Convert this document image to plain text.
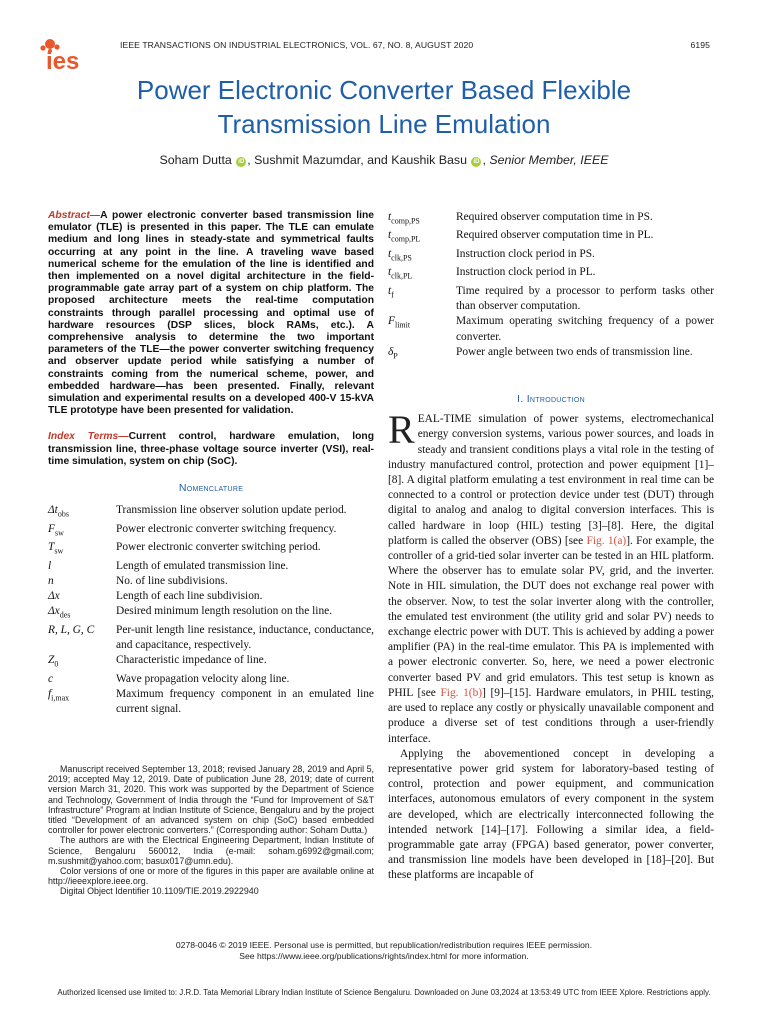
ies
IEEE TRANSACTIONS ON INDUSTRIAL ELECTRONICS, VOL. 67, NO. 8, AUGUST 2020	6195
Power Electronic Converter Based Flexible
Transmission Line Emulation
Soham Dutta iD , Sushmit Mazumdar, and Kaushik Basu iD , Senior Member, IEEE
Abstract—A power electronic converter based transmission line emulator (TLE) is presented in this paper. The TLE can emulate medium and long lines in steady-state and symmetrical faults occurring at any point in the line. A traveling wave based numerical scheme for the emulation of the line is identified and then implemented on a novel digital architecture in the field-programmable gate array part of a system on chip platform. The proposed architecture meets the real-time computation constraints through parallel processing and optimal use of hardware resources (DSP slices, block RAMs, etc.). A comprehensive analysis to determine the two important parameters of the TLE—the power converter switching frequency and observer update period while satisfying a number of constraints coming from the numerical scheme, power, and embedded hardware—has been presented. Finally, relevant simulation and experimental results on a developed 400-V 15-kVA TLE prototype have been presented for validation.
Index Terms—Current control, hardware emulation, long transmission line, three-phase voltage source inverter (VSI), real-time simulation, system on chip (SoC).
Nomenclature
$\Delta t_{obs}$	Transmission line observer solution update period.
$F_{sw}$	Power electronic converter switching frequency.
$T_{sw}$	Power electronic converter switching period.
l	Length of emulated transmission line.
n	No. of line subdivisions.
Δx	Length of each line subdivision.
$\Delta x_{des}$	Desired minimum length resolution on the line.
R, L, G, C	Per-unit length line resistance, inductance, conductance, and capacitance, respectively.
$Z_0$	Characteristic impedance of line.
c	Wave propagation velocity along line.
$f_{i,max}$	Maximum frequency component in an emulated line current signal.

Manuscript received September 13, 2018; revised January 28, 2019 and April 5, 2019; accepted May 12, 2019. Date of publication June 28, 2019; date of current version March 31, 2020. This work was supported by the Department of Science and Technology, Government of India through the “Fund for Improvement of S&T Infrastructure” Program at Indian Institute of Science, Bengaluru and by the project titled “Development of an advanced system on chip (SoC) based embedded controller for power electronic converters.” (Corresponding author: Soham Dutta.)

The authors are with the Electrical Engineering Department, Indian Institute of Science, Bengaluru 560012, India (e-mail: soham.g6992@gmail.com; m.sushmit@yahoo.com; basux017@umn.edu).

Color versions of one or more of the figures in this paper are available online at http://ieeexplore.ieee.org.

Digital Object Identifier 10.1109/TIE.2019.2922940

$t_{comp,PS}$	Required observer computation time in PS.
$t_{comp,PL}$	Required observer computation time in PL.
$t_{clk,PS}$	Instruction clock period in PS.
$t_{clk,PL}$	Instruction clock period in PL.
$t_f$	Time required by a processor to perform tasks other than observer computation.
$F_{limit}$	Maximum operating switching frequency of a power converter.
$\delta_P$	Power angle between two ends of transmission line.
I. Introduction

REAL-TIME simulation of power systems, electromechanical energy conversion systems, various power sources, and loads in steady and transient conditions plays a vital role in the testing of industry manufactured control, protection and power equipment [1]–[8]. A digital platform emulating a test environment in real time can be connected to a control or protection device under test (DUT) through digital to analog and analog to digital conversion interfaces. This is called hardware in loop (HIL) testing [3]–[8]. Here, the digital platform is called the observer (OBS) [see Fig. 1(a)]. For example, the controller of a grid-tied solar inverter can be tested in an HIL platform. Where the observer has to emulate solar PV, grid, and the inverter. Note in HIL simulation, the DUT does not exchange real power with the observer. Now, to test the solar inverter along with the controller, the emulated test environment (the utility grid and solar PV) needs to exchange electric power with DUT. This is achieved by adding a power amplifier (PA) in the real-time emulator. This PA is implemented with a power electronic converter. So, here, we need a power electronic converter based PV and grid emulators. This test setup is known as PHIL [see Fig. 1(b)] [9]–[15]. Hardware emulators, in PHIL testing, are used to replace any costly or physically unavailable component and produce a diverse set of test conditions through a user-friendly interface.

Applying the abovementioned concept in developing a representative power grid system for laboratory-based testing of control, protection and power equipment, and communication interfaces, autonomous emulators of every component in the system are developed, which are electrically interconnected following the intended network [14]–[17]. Following a similar idea, a field-programmable gate array (FPGA) based generator, power converter, and transmission line models have been developed in [18]–[20]. But these platforms are incapable of

0278-0046 © 2019 IEEE. Personal use is permitted, but republication/redistribution requires IEEE permission.
See https://www.ieee.org/publications/rights/index.html for more information.
Authorized licensed use limited to: J.R.D. Tata Memorial Library Indian Institute of Science Bengaluru. Downloaded on June 03,2024 at 13:53:49 UTC from IEEE Xplore. Restrictions apply.
